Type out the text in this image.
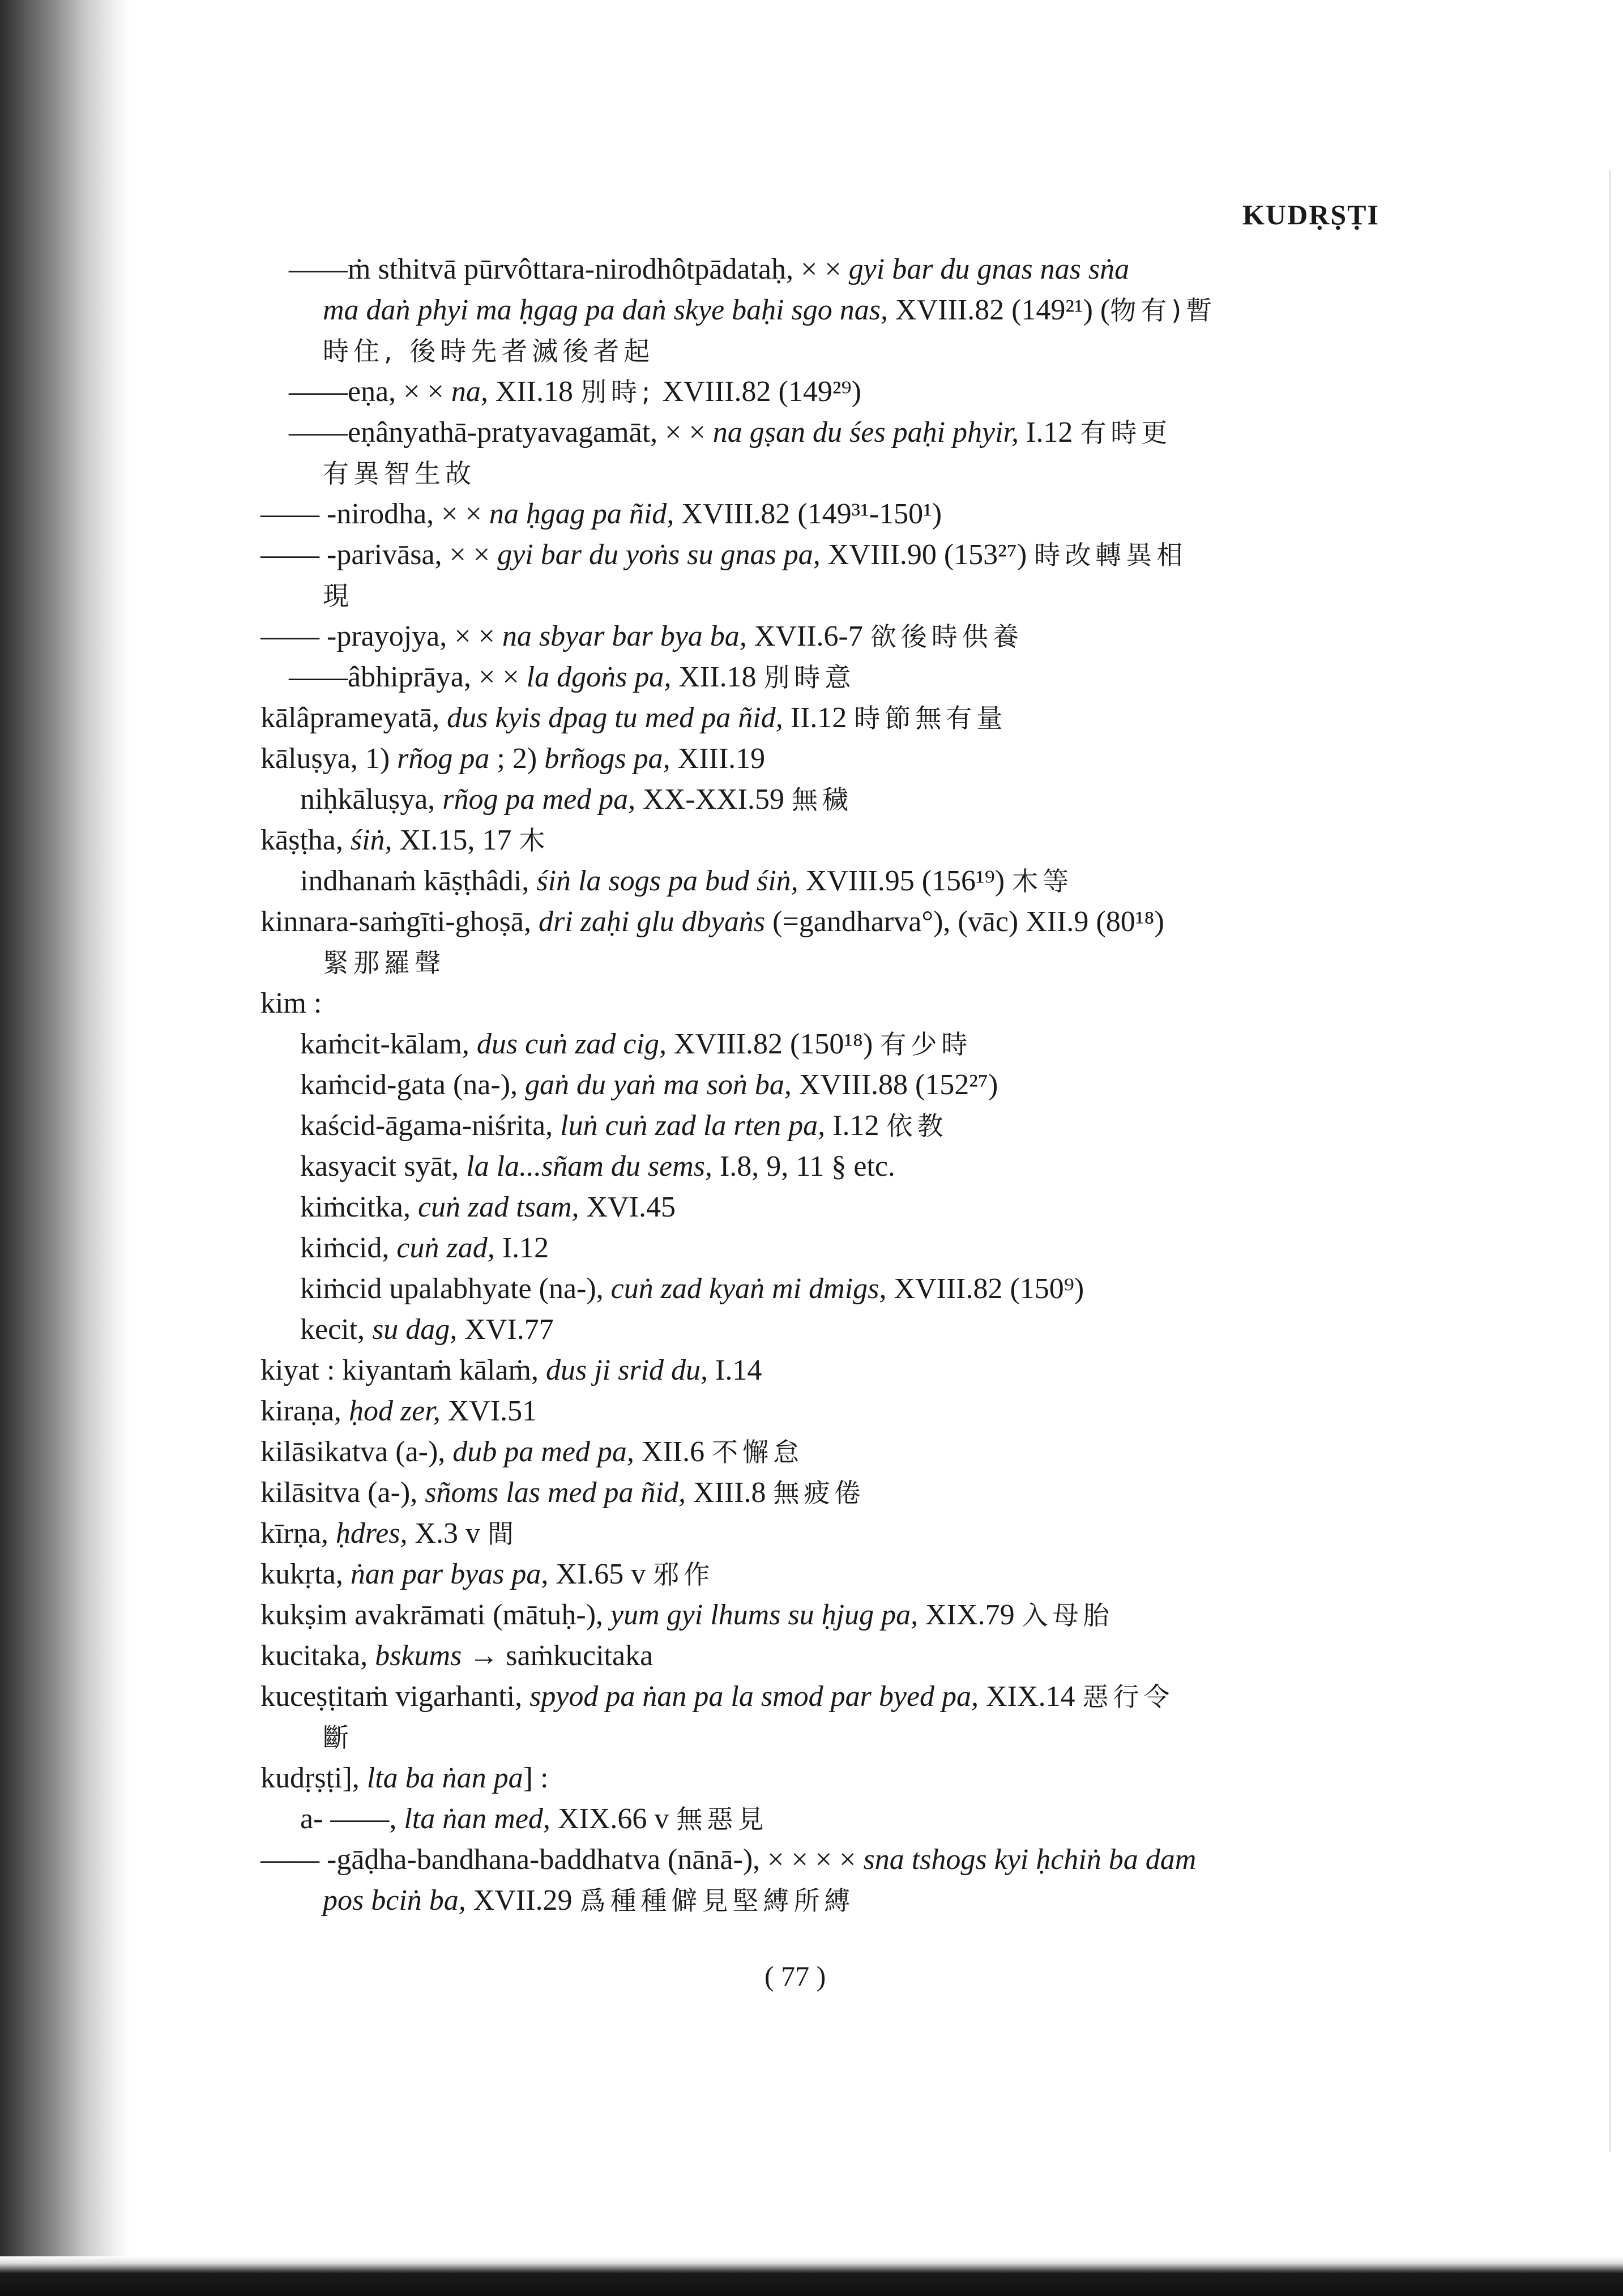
KUDṚṢṬI
——ṁ sthitvā pūrvôttara-nirodhôtpādataḥ, × × gyi bar du gnas nas sṅa
ma daṅ phyi ma ḥgag pa daṅ skye baḥi sgo nas, XVIII.82 (149²¹) (物有)暫
時住, 後時先者滅後者起
——eṇa, × × na, XII.18 別時; XVIII.82 (149²⁹)
——eṇânyathā-pratyavagamāt, × × na gṣan du śes paḥi phyir, I.12 有時更
有異智生故
—— -nirodha, × × na ḥgag pa ñid, XVIII.82 (149³¹-150¹)
—— -parivāsa, × × gyi bar du yoṅs su gnas pa, XVIII.90 (153²⁷) 時改轉異相
現
—— -prayojya, × × na sbyar bar bya ba, XVII.6-7 欲後時供養
——âbhiprāya, × × la dgoṅs pa, XII.18 別時意
kālâprameyatā, dus kyis dpag tu med pa ñid, II.12 時節無有量
kāluṣya, 1) rñog pa ; 2) brñogs pa, XIII.19
niḥkāluṣya, rñog pa med pa, XX-XXI.59 無穢
kāṣṭha, śiṅ, XI.15, 17 木
indhanaṁ kāṣṭhâdi, śiṅ la sogs pa bud śiṅ, XVIII.95 (156¹⁹) 木等
kinnara-saṁgīti-ghoṣā, dri zaḥi glu dbyaṅs (=gandharva°), (vāc) XII.9 (80¹⁸)
緊那羅聲
kim :
kaṁcit-kālam, dus cuṅ zad cig, XVIII.82 (150¹⁸) 有少時
kaṁcid-gata (na-), gaṅ du yaṅ ma soṅ ba, XVIII.88 (152²⁷)
kaścid-āgama-niśrita, luṅ cuṅ zad la rten pa, I.12 依教
kasyacit syāt, la la...sñam du sems, I.8, 9, 11 § etc.
kiṁcitka, cuṅ zad tsam, XVI.45
kiṁcid, cuṅ zad, I.12
kiṁcid upalabhyate (na-), cuṅ zad kyaṅ mi dmigs, XVIII.82 (150⁹)
kecit, su dag, XVI.77
kiyat : kiyantaṁ kālaṁ, dus ji srid du, I.14
kiraṇa, ḥod zer, XVI.51
kilāsikatva (a-), dub pa med pa, XII.6 不懈怠
kilāsitva (a-), sñoms las med pa ñid, XIII.8 無疲倦
kīrṇa, ḥdres, X.3 v 間
kukṛta, ṅan par byas pa, XI.65 v 邪作
kukṣim avakrāmati (mātuḥ-), yum gyi lhums su ḥjug pa, XIX.79 入母胎
kucitaka, bskums → saṁkucitaka
kuceṣṭitaṁ vigarhanti, spyod pa ṅan pa la smod par byed pa, XIX.14 惡行令
斷
kudṛṣṭi], lta ba ṅan pa] :
a- ——, lta ṅan med, XIX.66 v 無惡見
—— -gāḍha-bandhana-baddhatva (nānā-), × × × × sna tshogs kyi ḥchiṅ ba dam
pos bciṅ ba, XVII.29 爲種種僻見堅縛所縛
( 77 )
